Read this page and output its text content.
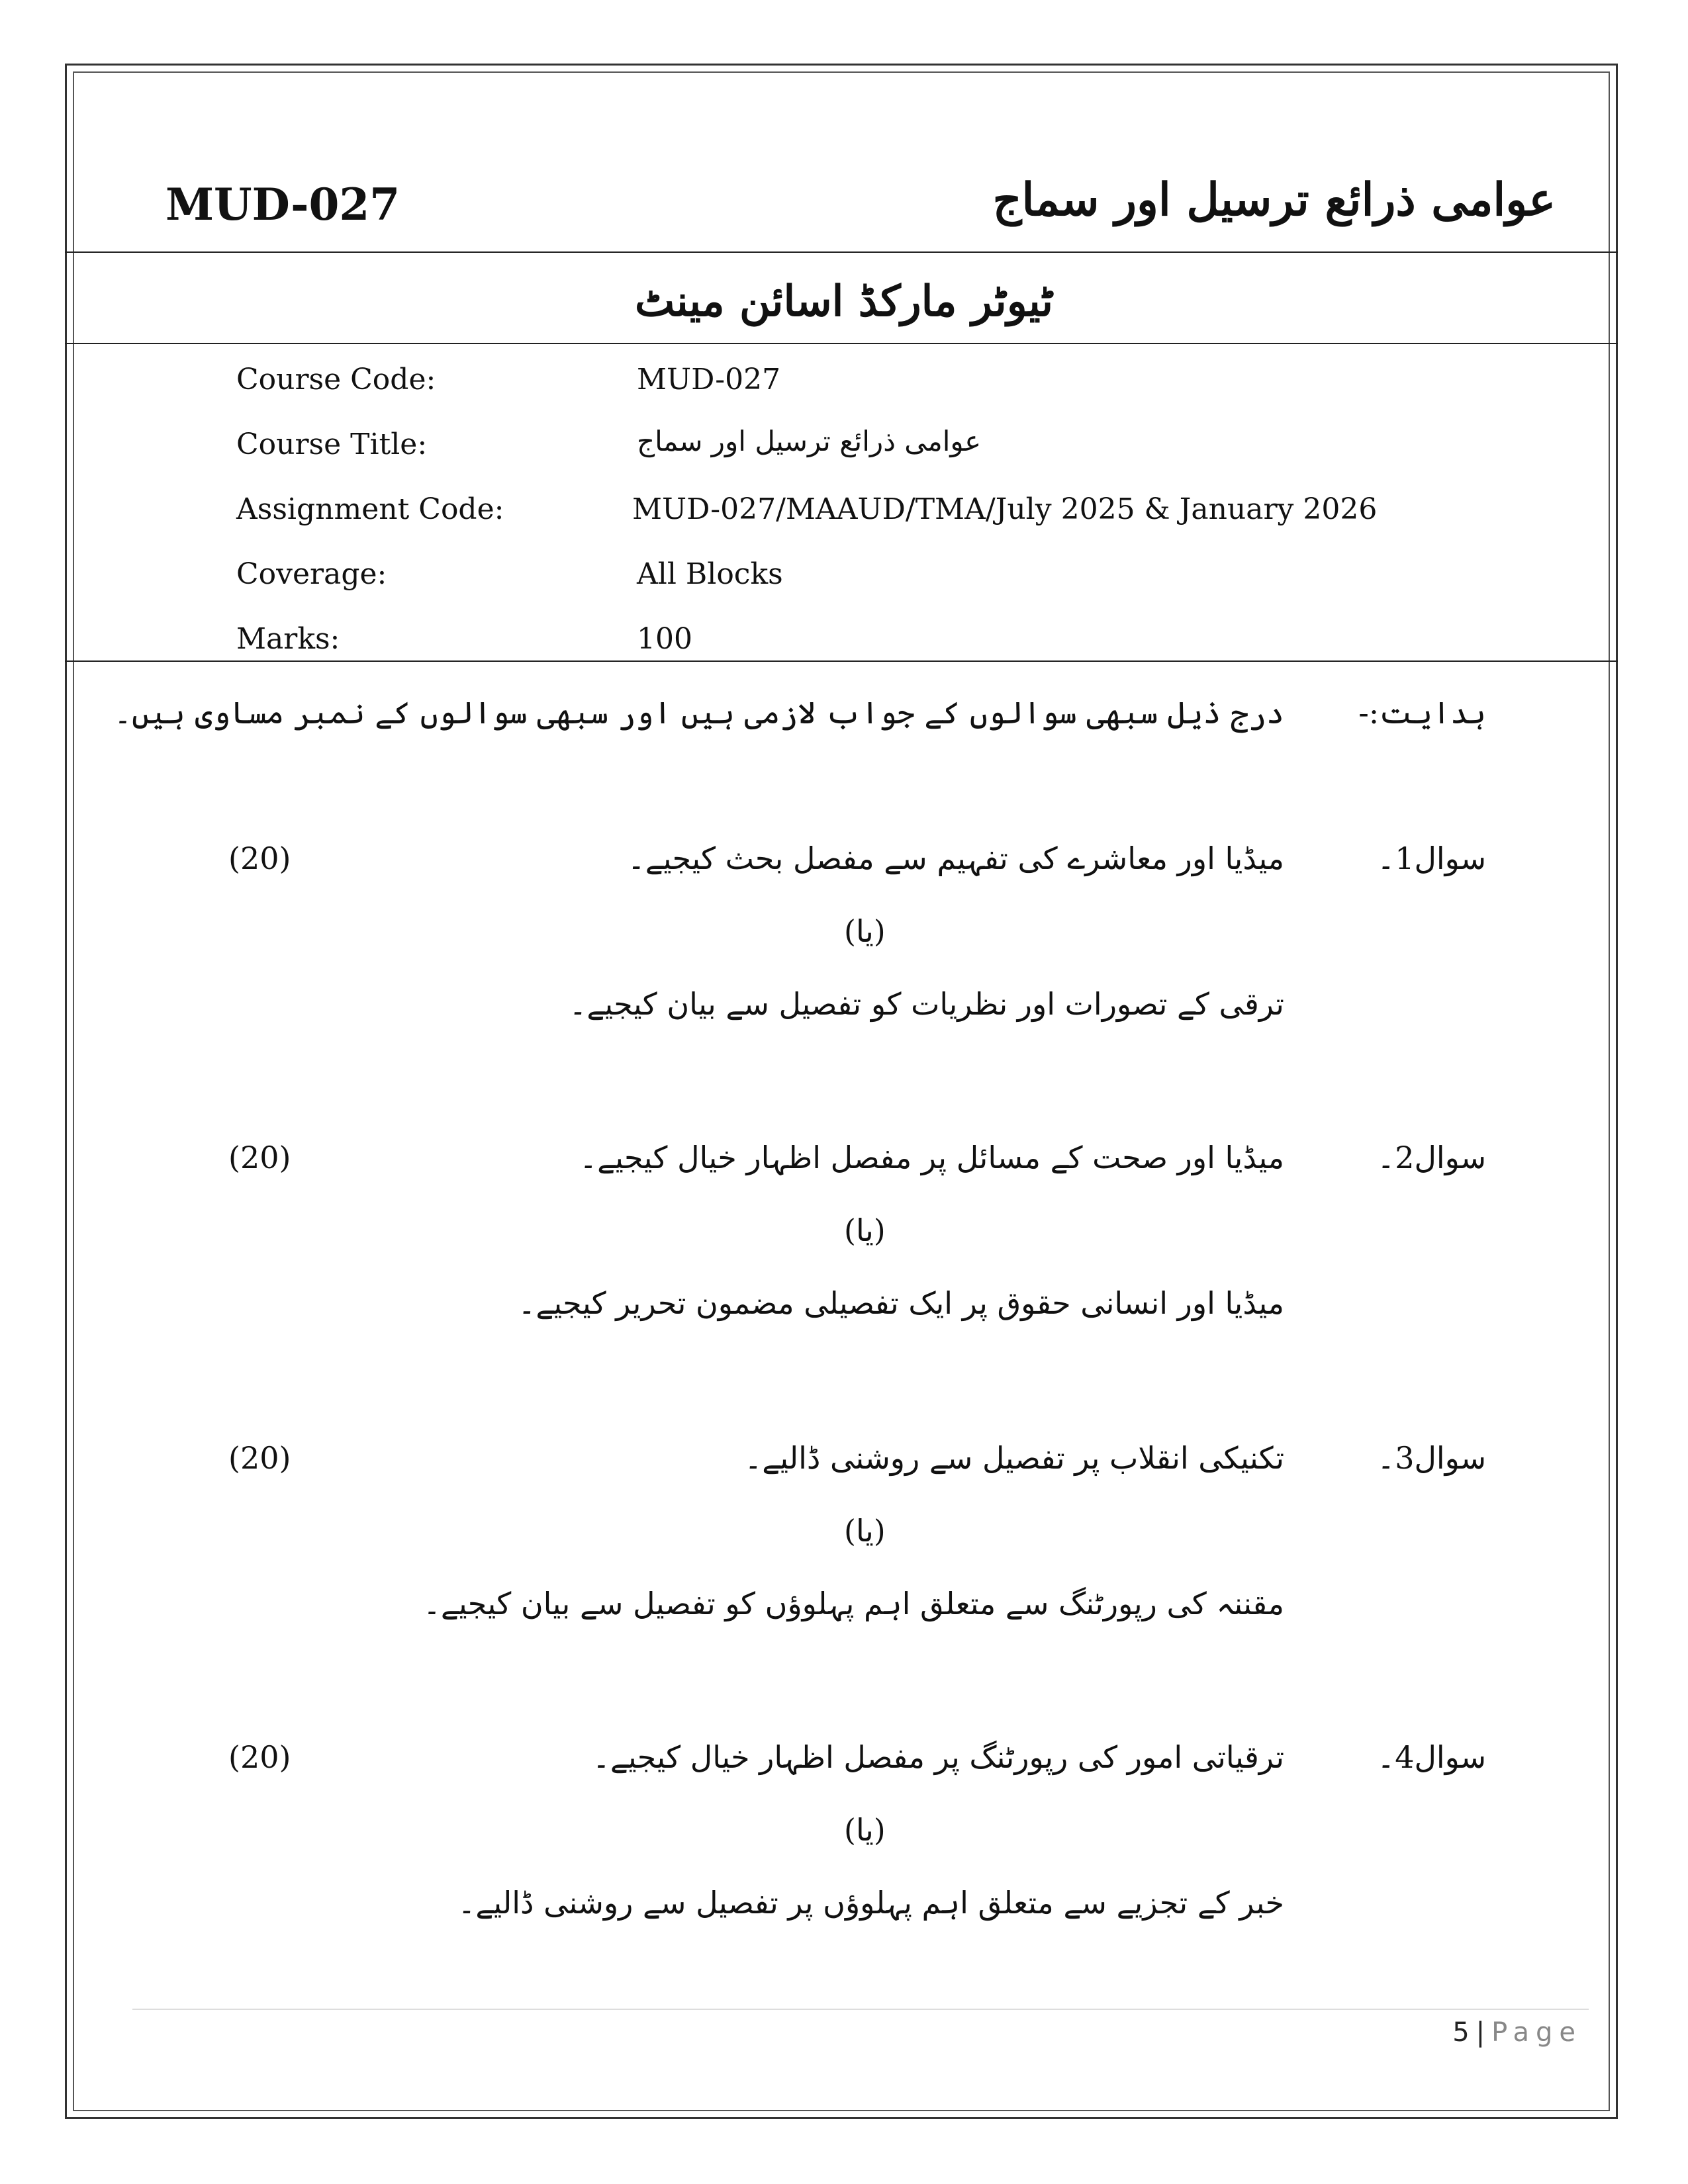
MUD-027	عوامی ذرائع ترسیل اور سماج
ٹیوٹر مارکڈ اسائن مینٹ
Course Code:	MUD-027
Course Title:	عوامی ذرائع ترسیل اور سماج
Assignment Code:	MUD-027/MAAUD/TMA/July 2025 & January 2026
Coverage:	All Blocks
Marks:	100
ہدایت:-
درج ذیل سبھی سوالوں کے جواب لازمی ہیں اور سبھی سوالوں کے نمبر مساوی ہیں۔
سوال1۔
میڈیا اور معاشرے کی تفہیم سے مفصل بحث کیجیے۔
(20)
(یا)
ترقی کے تصورات اور نظریات کو تفصیل سے بیان کیجیے۔
سوال2۔
میڈیا اور صحت کے مسائل پر مفصل اظہار خیال کیجیے۔
(20)
(یا)
میڈیا اور انسانی حقوق پر ایک تفصیلی مضمون تحریر کیجیے۔
سوال3۔
تکنیکی انقلاب پر تفصیل سے روشنی ڈالیے۔
(20)
(یا)
مقننہ کی رپورٹنگ سے متعلق اہم پہلوؤں کو تفصیل سے بیان کیجیے۔
سوال4۔
ترقیاتی امور کی رپورٹنگ پر مفصل اظہار خیال کیجیے۔
(20)
(یا)
خبر کے تجزیے سے متعلق اہم پہلوؤں پر تفصیل سے روشنی ڈالیے۔
5 | Page
